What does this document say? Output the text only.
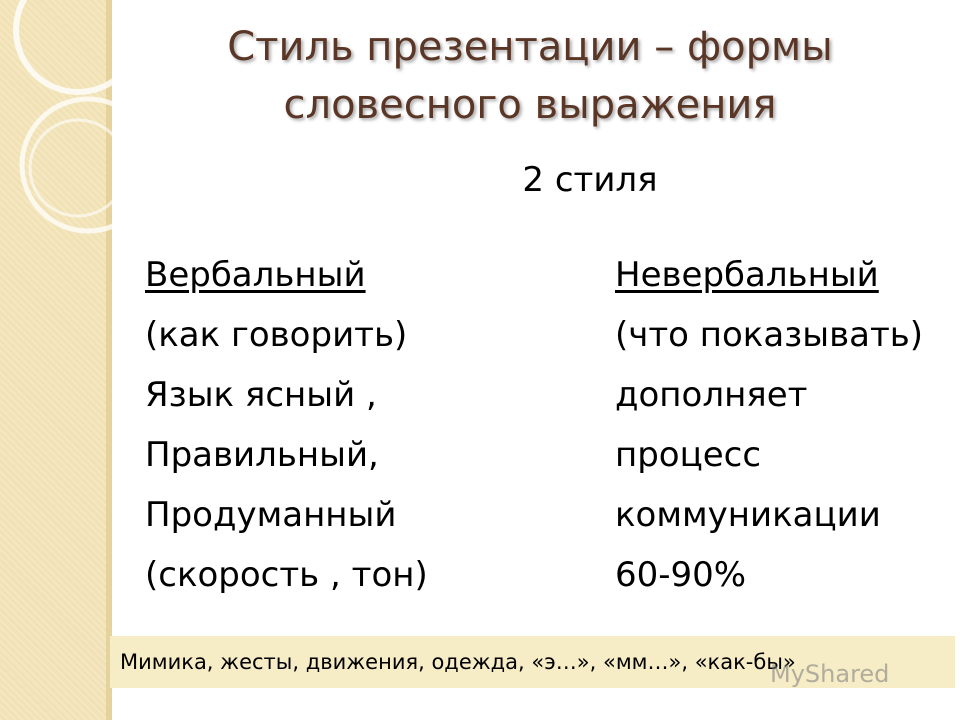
Стиль презентации – формы
словесного выражения
2 стиля
Вербальный
(как говорить)
Язык ясный ,
Правильный,
Продуманный
(скорость , тон)
Невербальный
(что показывать)
дополняет
процесс
коммуникации
60-90%
Мимика, жесты, движения, одежда, «э…», «мм…», «как-бы»
MyShared
